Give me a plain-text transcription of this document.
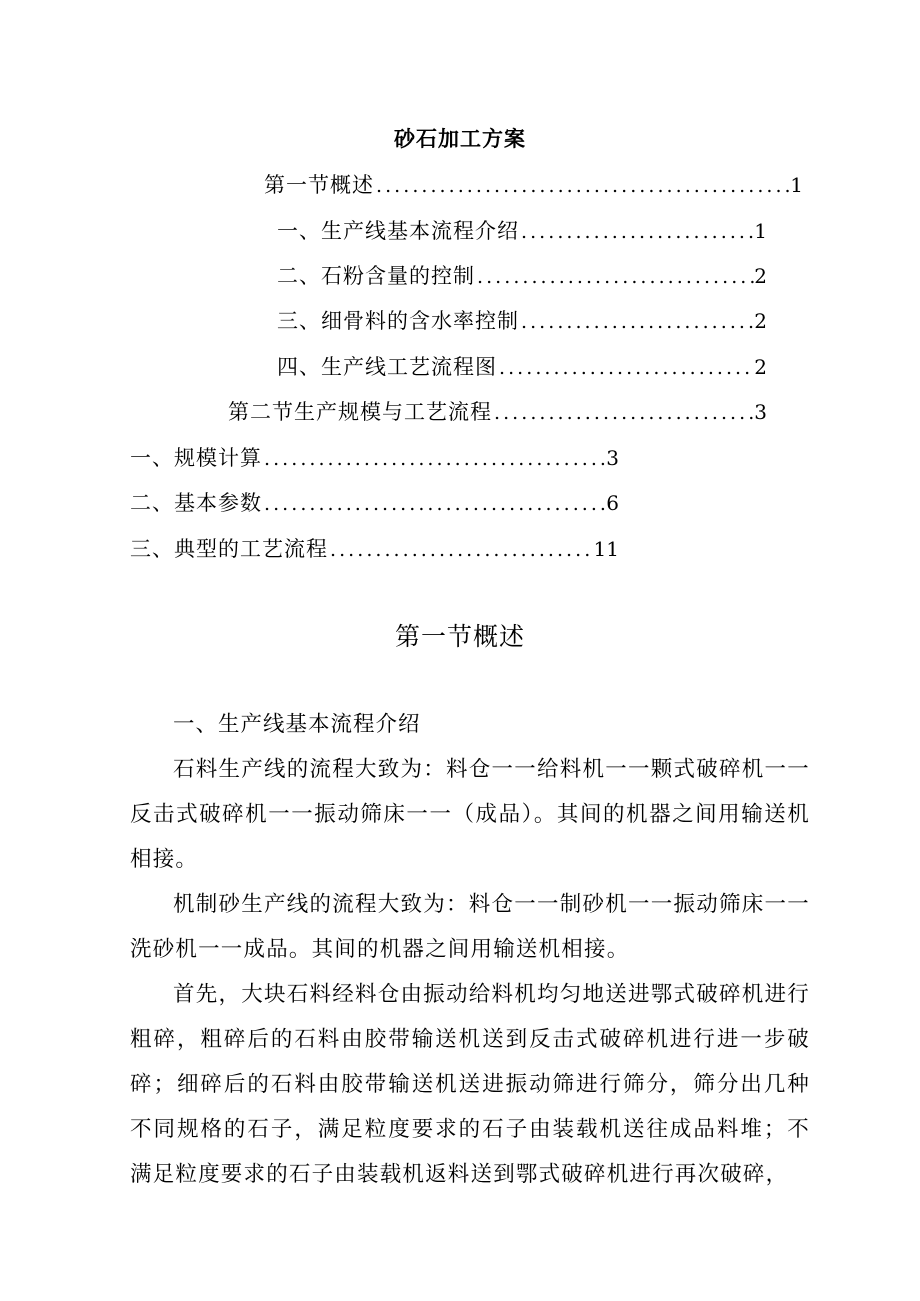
砂石加工方案
第一节概述 . . .	1
一、生产线基本流程介绍 . . .	1
二、石粉含量的控制 . . .	2
三、细骨料的含水率控制 . . .	2
四、生产线工艺流程图 . . .	2
第二节生产规模与工艺流程 . . .	3
一、规模计算 . . .	3
二、基本参数 . . .	6
三、典型的工艺流程 . . .	11
第一节概述

一、生产线基本流程介绍

石料生产线的流程大致为：料仓一一给料机一一颗式破碎机一一反击式破碎机一一振动筛床一一（成品）。其间的机器之间用输送机相接。

机制砂生产线的流程大致为：料仓一一制砂机一一振动筛床一一洗砂机一一成品。其间的机器之间用输送机相接。

首先，大块石料经料仓由振动给料机均匀地送进鄂式破碎机进行粗碎，粗碎后的石料由胶带输送机送到反击式破碎机进行进一步破碎；细碎后的石料由胶带输送机送进振动筛进行筛分，筛分出几种不同规格的石子，满足粒度要求的石子由装载机送往成品料堆；不满足粒度要求的石子由装载机返料送到鄂式破碎机进行再次破碎，
